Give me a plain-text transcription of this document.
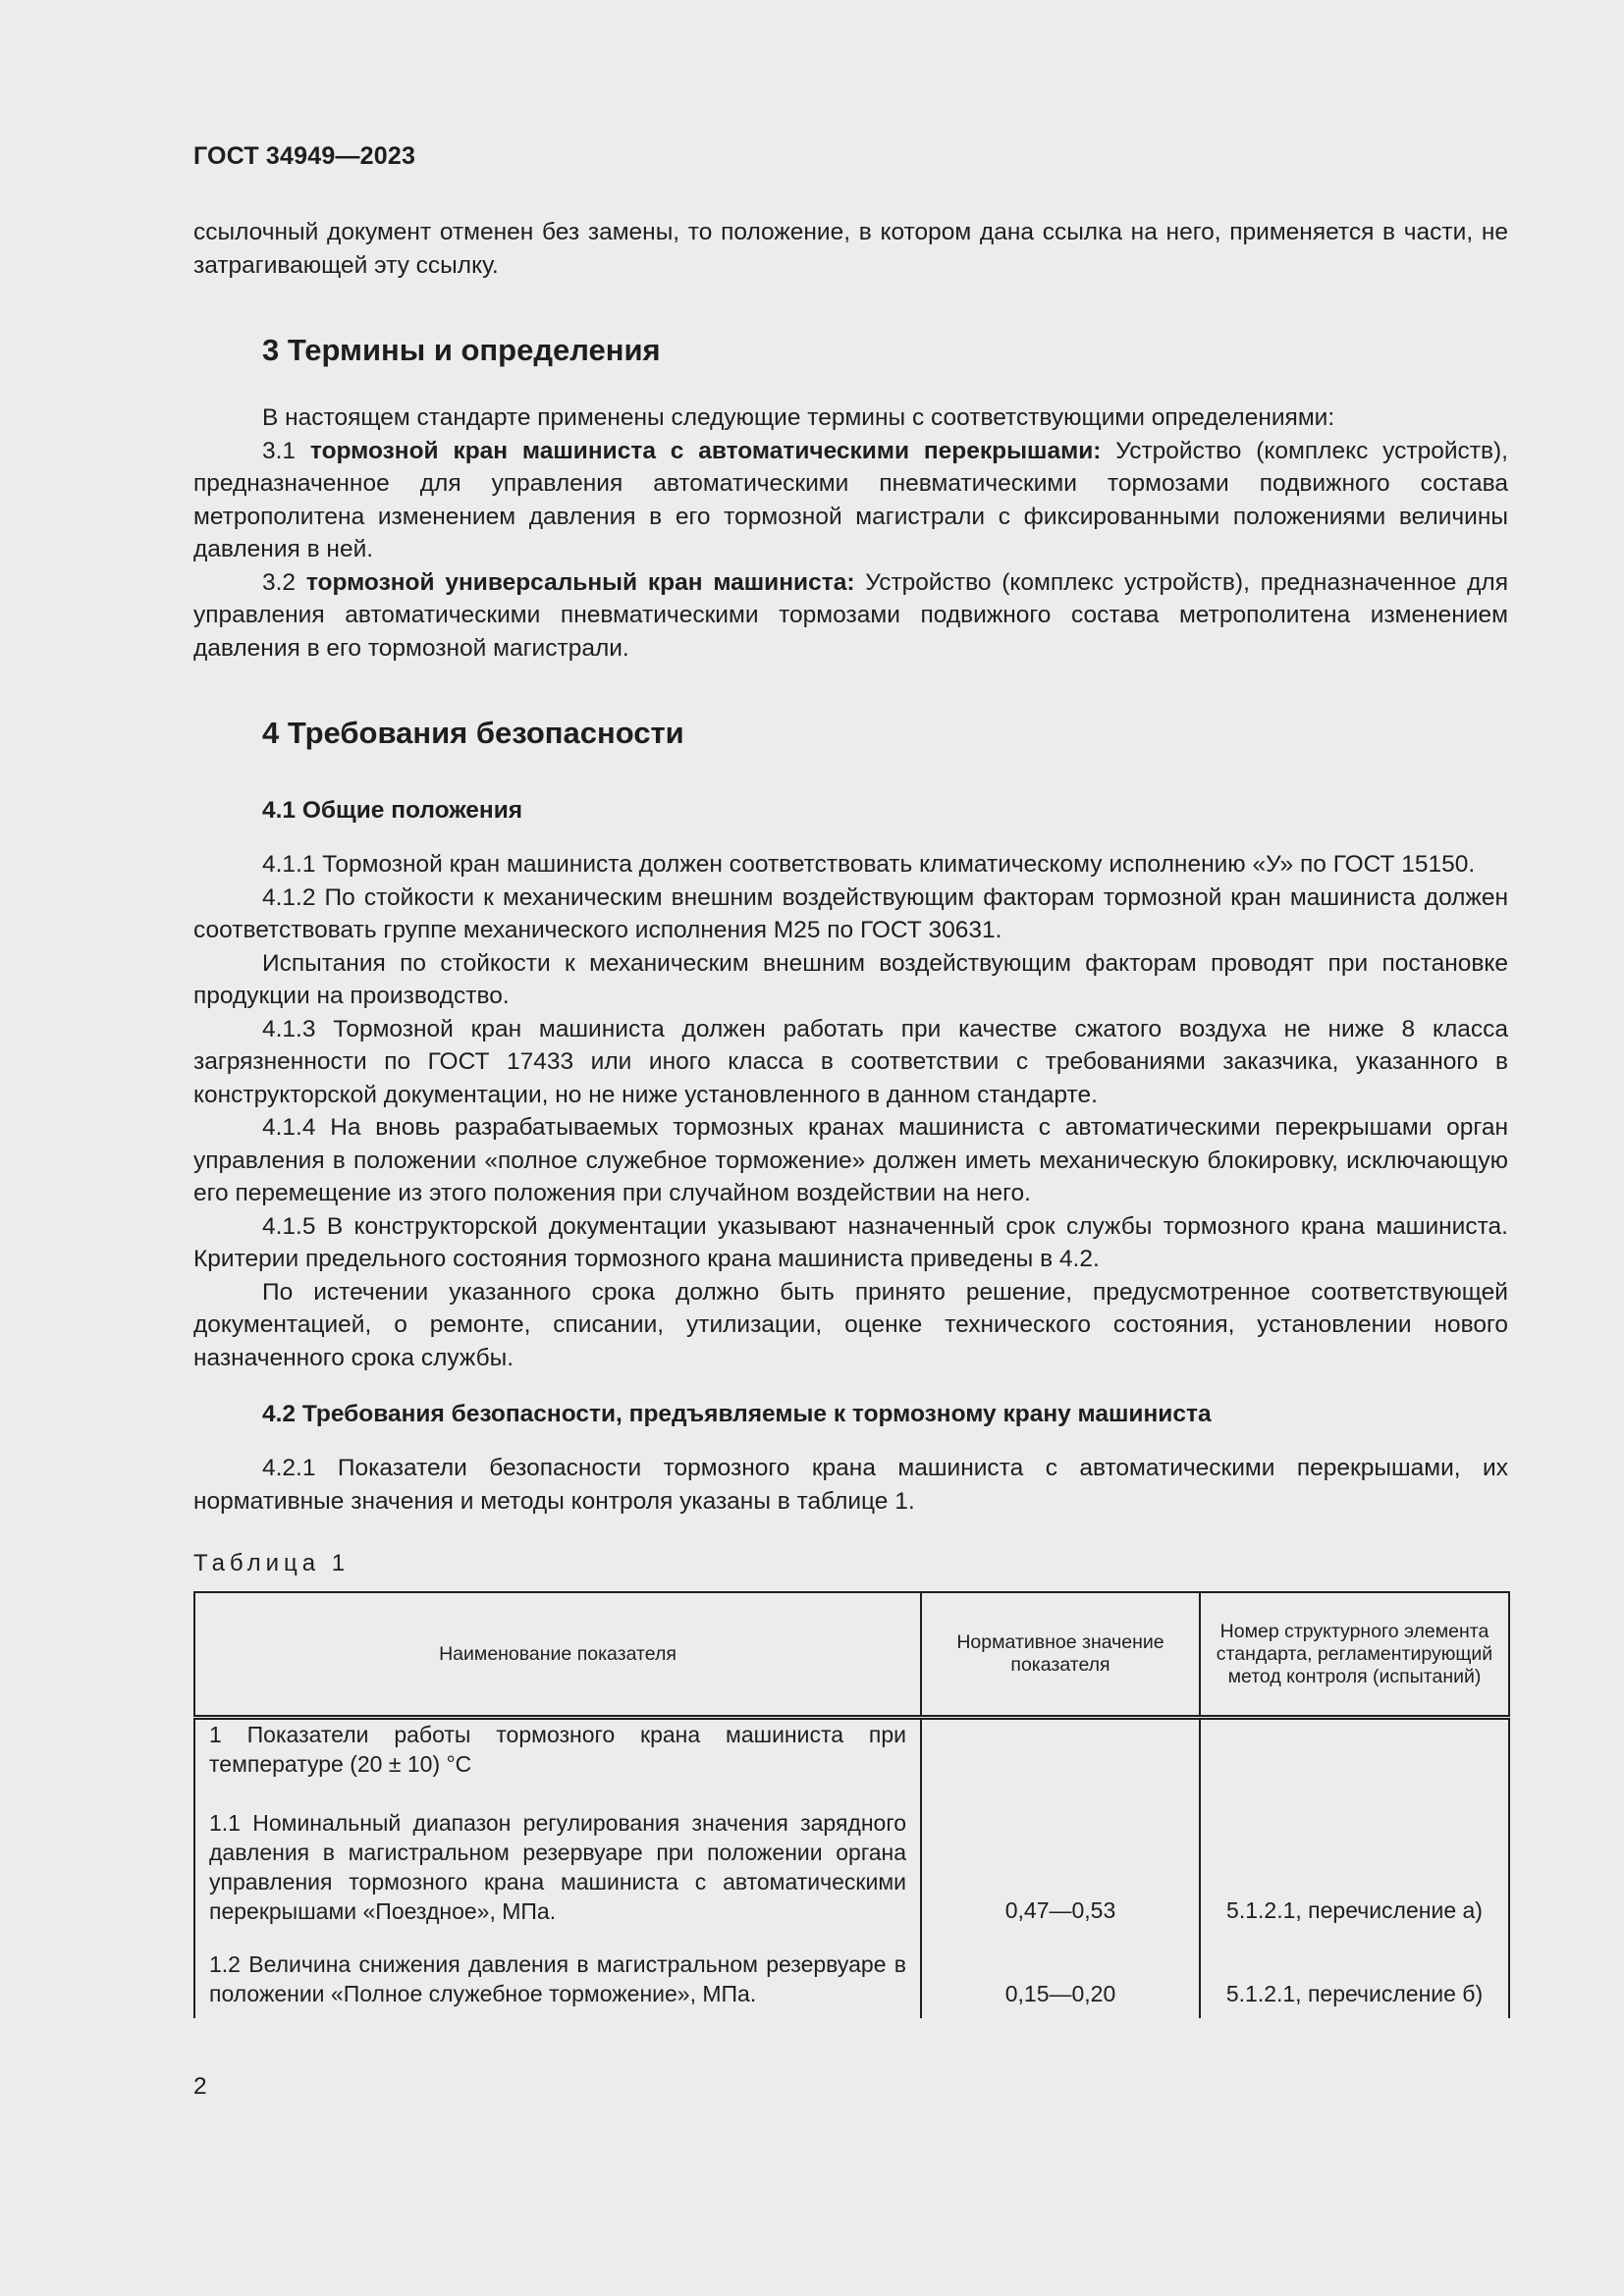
ГОСТ 34949—2023

ссылочный документ отменен без замены, то положение, в котором дана ссылка на него, применяется в части, не затрагивающей эту ссылку.

3 Термины и определения

В настоящем стандарте применены следующие термины с соответствующими определениями:

3.1 тормозной кран машиниста с автоматическими перекрышами: Устройство (комплекс устройств), предназначенное для управления автоматическими пневматическими тормозами подвижного состава метрополитена изменением давления в его тормозной магистрали с фиксированными положениями величины давления в ней.

3.2 тормозной универсальный кран машиниста: Устройство (комплекс устройств), предназначенное для управления автоматическими пневматическими тормозами подвижного состава метрополитена изменением давления в его тормозной магистрали.

4 Требования безопасности
4.1 Общие положения

4.1.1 Тормозной кран машиниста должен соответствовать климатическому исполнению «У» по ГОСТ 15150.

4.1.2 По стойкости к механическим внешним воздействующим факторам тормозной кран машиниста должен соответствовать группе механического исполнения М25 по ГОСТ 30631.

Испытания по стойкости к механическим внешним воздействующим факторам проводят при постановке продукции на производство.

4.1.3 Тормозной кран машиниста должен работать при качестве сжатого воздуха не ниже 8 класса загрязненности по ГОСТ 17433 или иного класса в соответствии с требованиями заказчика, указанного в конструкторской документации, но не ниже установленного в данном стандарте.

4.1.4 На вновь разрабатываемых тормозных кранах машиниста с автоматическими перекрышами орган управления в положении «полное служебное торможение» должен иметь механическую блокировку, исключающую его перемещение из этого положения при случайном воздействии на него.

4.1.5 В конструкторской документации указывают назначенный срок службы тормозного крана машиниста. Критерии предельного состояния тормозного крана машиниста приведены в 4.2.

По истечении указанного срока должно быть принято решение, предусмотренное соответствующей документацией, о ремонте, списании, утилизации, оценке технического состояния, установлении нового назначенного срока службы.

4.2 Требования безопасности, предъявляемые к тормозному крану машиниста

4.2.1 Показатели безопасности тормозного крана машиниста с автоматическими перекрышами, их нормативные значения и методы контроля указаны в таблице 1.

Таблица 1
Наименование показателя	Нормативное значение показателя	Номер структурного элемента стандарта, регламентирующий метод контроля (испытаний)
1 Показатели работы тормозного крана машиниста при температуре (20 ± 10) °С		
1.1 Номинальный диапазон регулирования значения зарядного давления в магистральном резервуаре при положении органа управления тормозного крана машиниста с автоматическими перекрышами «Поездное», МПа.	0,47—0,53	5.1.2.1, перечисление а)
1.2 Величина снижения давления в магистральном резервуаре в положении «Полное служебное торможение», МПа.	0,15—0,20	5.1.2.1, перечисление б)
2
